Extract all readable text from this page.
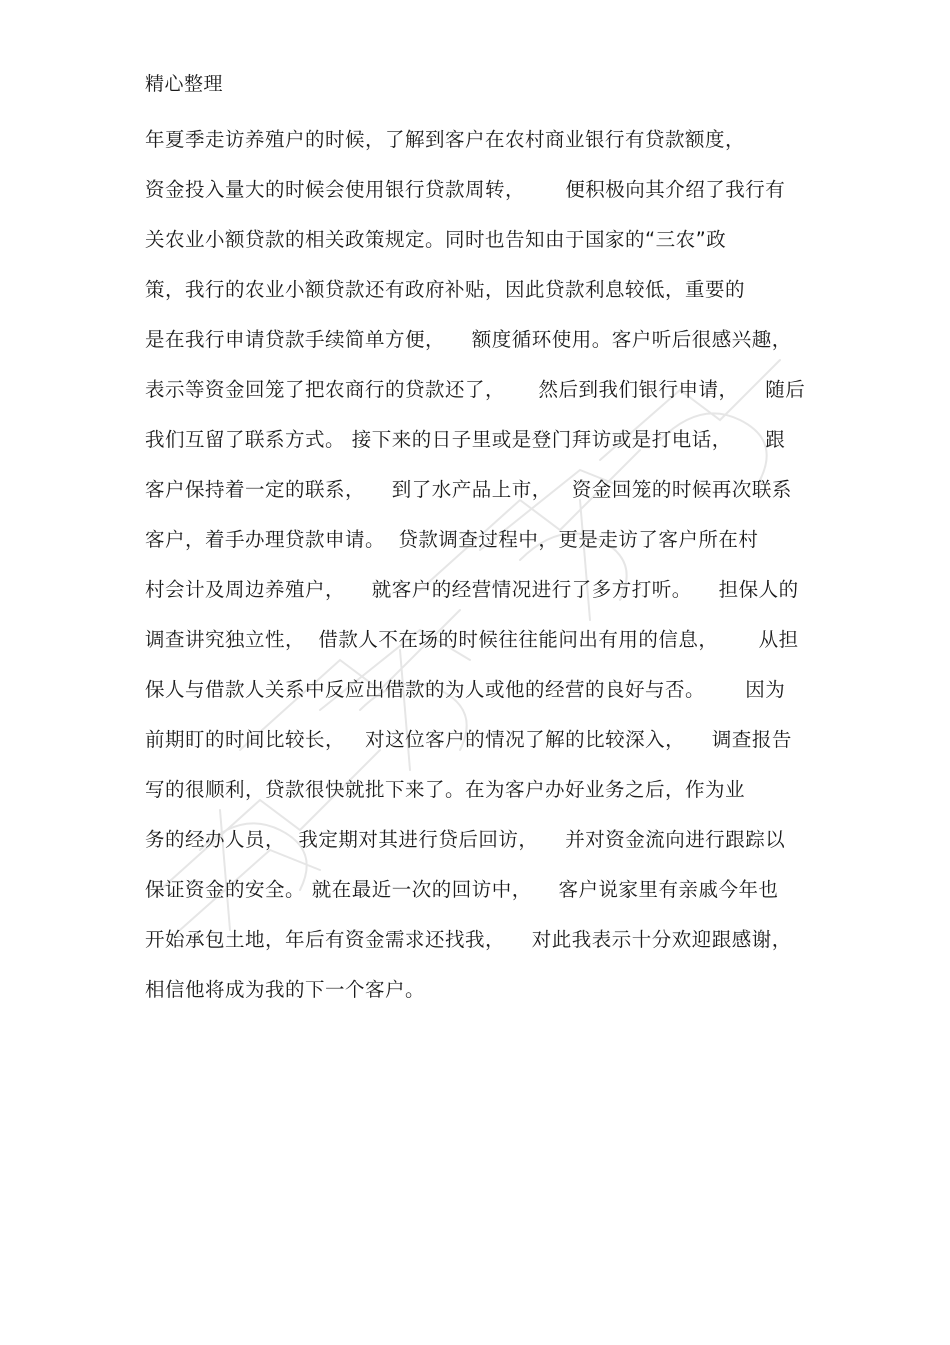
精心整理
年夏季走访养殖户的时候，了解到客户在农村商业银行有贷款额度，
资金投入量大的时候会使用银行贷款周转，      便积极向其介绍了我行有
关农业小额贷款的相关政策规定。同时也告知由于国家的“三农”政
策，我行的农业小额贷款还有政府补贴，因此贷款利息较低，重要的
是在我行申请贷款手续简单方便，    额度循环使用。客户听后很感兴趣，
表示等资金回笼了把农商行的贷款还了，     然后到我们银行申请，    随后
我们互留了联系方式。 接下来的日子里或是登门拜访或是打电话，     跟
客户保持着一定的联系，    到了水产品上市，   资金回笼的时候再次联系
客户，着手办理贷款申请。  贷款调查过程中，更是走访了客户所在村
村会计及周边养殖户，    就客户的经营情况进行了多方打听。    担保人的
调查讲究独立性，  借款人不在场的时候往往能问出有用的信息，      从担
保人与借款人关系中反应出借款的为人或他的经营的良好与否。      因为
前期盯的时间比较长，   对这位客户的情况了解的比较深入，    调查报告
写的很顺利，贷款很快就批下来了。在为客户办好业务之后，作为业
务的经办人员，  我定期对其进行贷后回访，    并对资金流向进行跟踪以
保证资金的安全。 就在最近一次的回访中，    客户说家里有亲戚今年也
开始承包土地，年后有资金需求还找我，    对此我表示十分欢迎跟感谢，
相信他将成为我的下一个客户。
